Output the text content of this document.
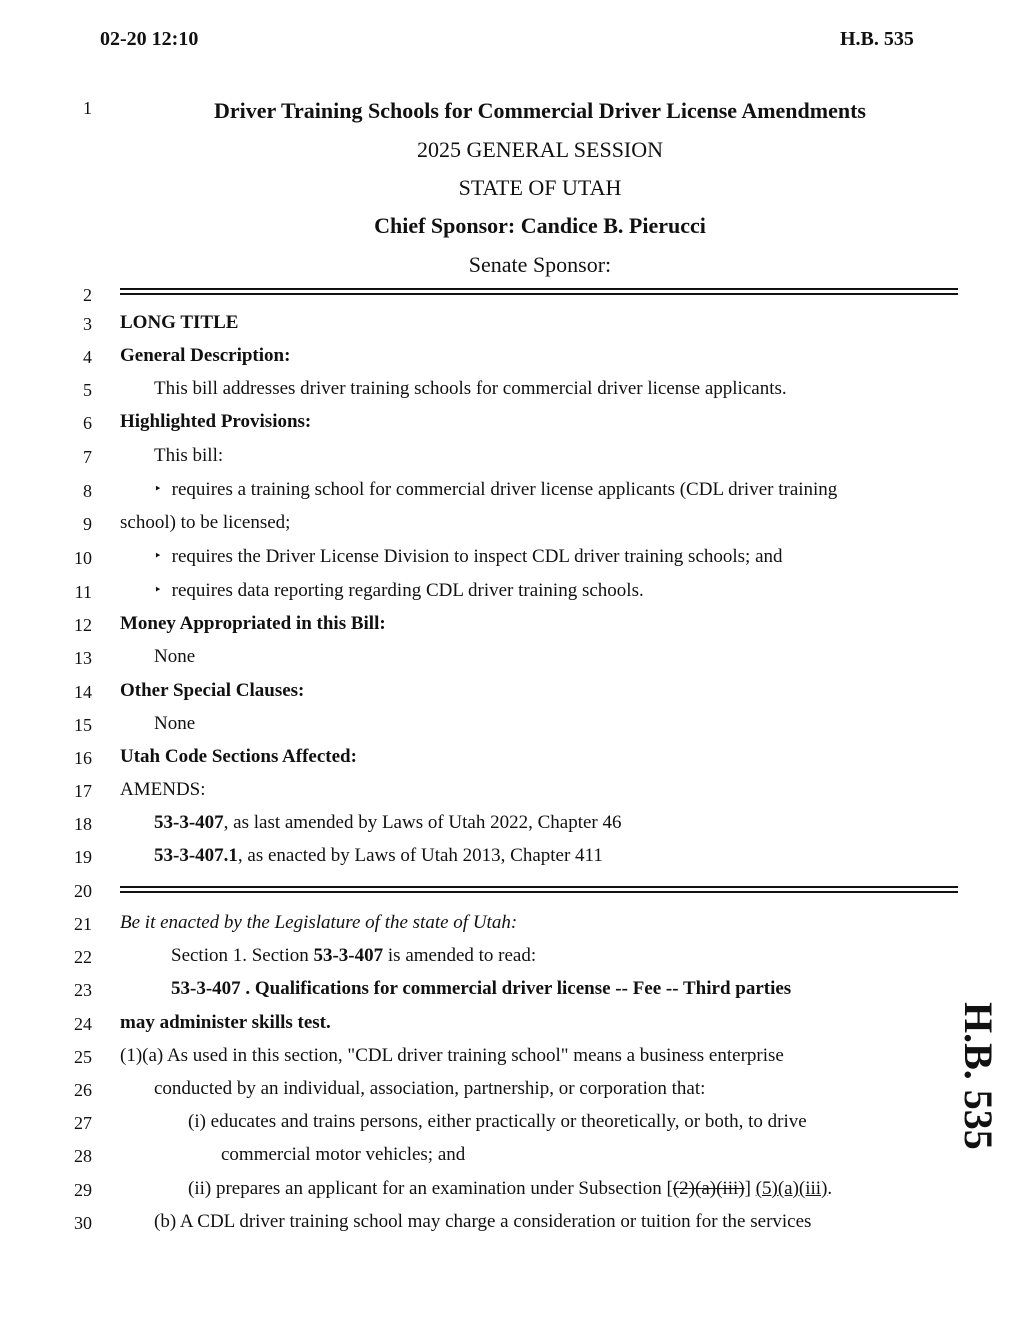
02-20 12:10	H.B. 535
1
2
3
4
5
6
7
8
9
10
11
12
13
14
15
16
17
18
19
20
21
22
23
24
25
26
27
28
29
30
Driver Training Schools for Commercial Driver License Amendments
2025 GENERAL SESSION
STATE OF UTAH
Chief Sponsor: Candice B. Pierucci
Senate Sponsor:
LONG TITLE
General Description:
This bill addresses driver training schools for commercial driver license applicants.
Highlighted Provisions:
This bill:
‣ requires a training school for commercial driver license applicants (CDL driver training
school) to be licensed;
‣ requires the Driver License Division to inspect CDL driver training schools; and
‣ requires data reporting regarding CDL driver training schools.
Money Appropriated in this Bill:
None
Other Special Clauses:
None
Utah Code Sections Affected:
AMENDS:
53-3-407, as last amended by Laws of Utah 2022, Chapter 46
53-3-407.1, as enacted by Laws of Utah 2013, Chapter 411
Be it enacted by the Legislature of the state of Utah:
Section 1. Section 53-3-407 is amended to read:
53-3-407 . Qualifications for commercial driver license -- Fee -- Third parties
may administer skills test.
(1)(a) As used in this section, "CDL driver training school" means a business enterprise
conducted by an individual, association, partnership, or corporation that:
(i) educates and trains persons, either practically or theoretically, or both, to drive
commercial motor vehicles; and
(ii) prepares an applicant for an examination under Subsection [(2)(a)(iii)] (5)(a)(iii).
(b) A CDL driver training school may charge a consideration or tuition for the services
H.B. 535
